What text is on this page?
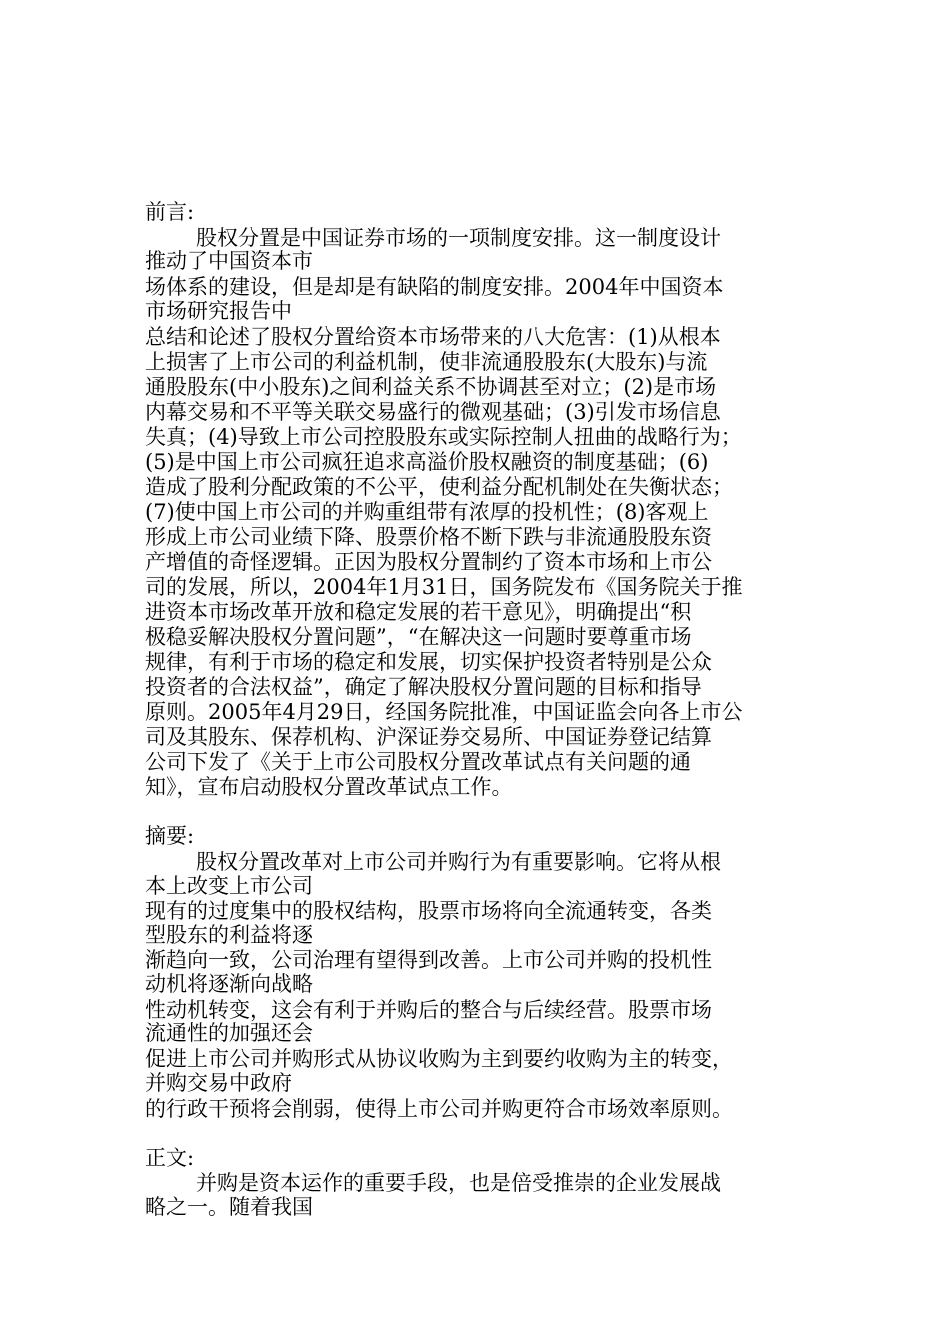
前言:

股权分置是中国证券市场的一项制度安排。这一制度设计

推动了中国资本市

场体系的建设，但是却是有缺陷的制度安排。2004年中国资本

市场研究报告中

总结和论述了股权分置给资本市场带来的八大危害：(1)从根本

上损害了上市公司的利益机制，使非流通股股东(大股东)与流

通股股东(中小股东)之间利益关系不协调甚至对立；(2)是市场

内幕交易和不平等关联交易盛行的微观基础；(3)引发市场信息

失真；(4)导致上市公司控股股东或实际控制人扭曲的战略行为；

(5)是中国上市公司疯狂追求高溢价股权融资的制度基础；(6)

造成了股利分配政策的不公平，使利益分配机制处在失衡状态；

(7)使中国上市公司的并购重组带有浓厚的投机性；(8)客观上

形成上市公司业绩下降、股票价格不断下跌与非流通股股东资

产增值的奇怪逻辑。正因为股权分置制约了资本市场和上市公

司的发展，所以，2004年1月31日，国务院发布《国务院关于推

进资本市场改革开放和稳定发展的若干意见》，明确提出“积

极稳妥解决股权分置问题”，“在解决这一问题时要尊重市场

规律，有利于市场的稳定和发展，切实保护投资者特别是公众

投资者的合法权益”，确定了解决股权分置问题的目标和指导

原则。2005年4月29日，经国务院批准，中国证监会向各上市公

司及其股东、保荐机构、沪深证券交易所、中国证券登记结算

公司下发了《关于上市公司股权分置改革试点有关问题的通

知》，宣布启动股权分置改革试点工作。

摘要:

股权分置改革对上市公司并购行为有重要影响。它将从根

本上改变上市公司

现有的过度集中的股权结构，股票市场将向全流通转变，各类

型股东的利益将逐

渐趋向一致，公司治理有望得到改善。上市公司并购的投机性

动机将逐渐向战略

性动机转变，这会有利于并购后的整合与后续经营。股票市场

流通性的加强还会

促进上市公司并购形式从协议收购为主到要约收购为主的转变，

并购交易中政府

的行政干预将会削弱，使得上市公司并购更符合市场效率原则。

正文:

并购是资本运作的重要手段，也是倍受推崇的企业发展战

略之一。随着我国
